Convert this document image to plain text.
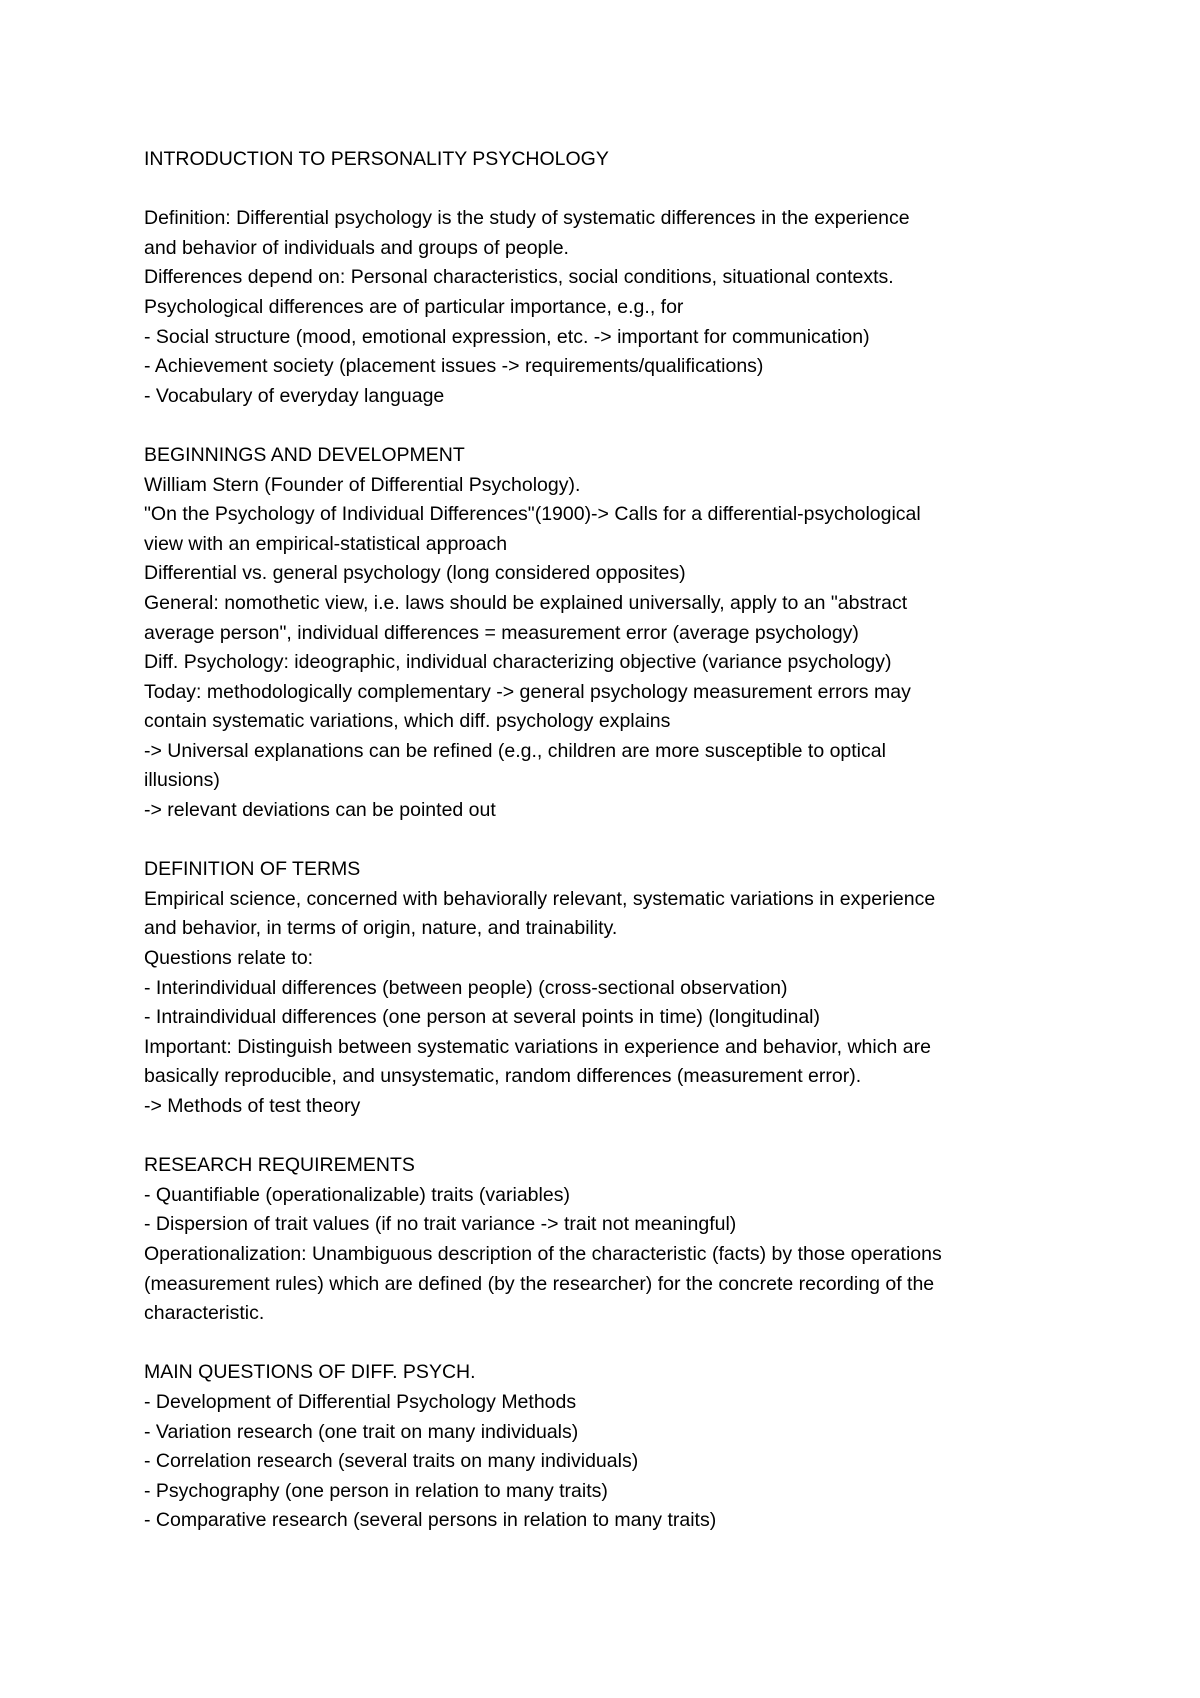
INTRODUCTION TO PERSONALITY PSYCHOLOGY
Definition: Differential psychology is the study of systematic differences in the experience
and behavior of individuals and groups of people.
Differences depend on: Personal characteristics, social conditions, situational contexts.
Psychological differences are of particular importance, e.g., for
- Social structure (mood, emotional expression, etc. -> important for communication)
- Achievement society (placement issues -> requirements/qualifications)
- Vocabulary of everyday language
BEGINNINGS AND DEVELOPMENT
William Stern (Founder of Differential Psychology).
"On the Psychology of Individual Differences"(1900)-> Calls for a differential-psychological
view with an empirical-statistical approach
Differential vs. general psychology (long considered opposites)
General: nomothetic view, i.e. laws should be explained universally, apply to an "abstract
average person", individual differences = measurement error (average psychology)
Diff. Psychology: ideographic, individual characterizing objective (variance psychology)
Today: methodologically complementary -> general psychology measurement errors may
contain systematic variations, which diff. psychology explains
-> Universal explanations can be refined (e.g., children are more susceptible to optical
illusions)
-> relevant deviations can be pointed out
DEFINITION OF TERMS
Empirical science, concerned with behaviorally relevant, systematic variations in experience
and behavior, in terms of origin, nature, and trainability.
Questions relate to:
- Interindividual differences (between people) (cross-sectional observation)
- Intraindividual differences (one person at several points in time) (longitudinal)
Important: Distinguish between systematic variations in experience and behavior, which are
basically reproducible, and unsystematic, random differences (measurement error).
-> Methods of test theory
RESEARCH REQUIREMENTS
- Quantifiable (operationalizable) traits (variables)
- Dispersion of trait values (if no trait variance -> trait not meaningful)
Operationalization: Unambiguous description of the characteristic (facts) by those operations
(measurement rules) which are defined (by the researcher) for the concrete recording of the
characteristic.
MAIN QUESTIONS OF DIFF. PSYCH.
- Development of Differential Psychology Methods
- Variation research (one trait on many individuals)
- Correlation research (several traits on many individuals)
- Psychography (one person in relation to many traits)
- Comparative research (several persons in relation to many traits)
